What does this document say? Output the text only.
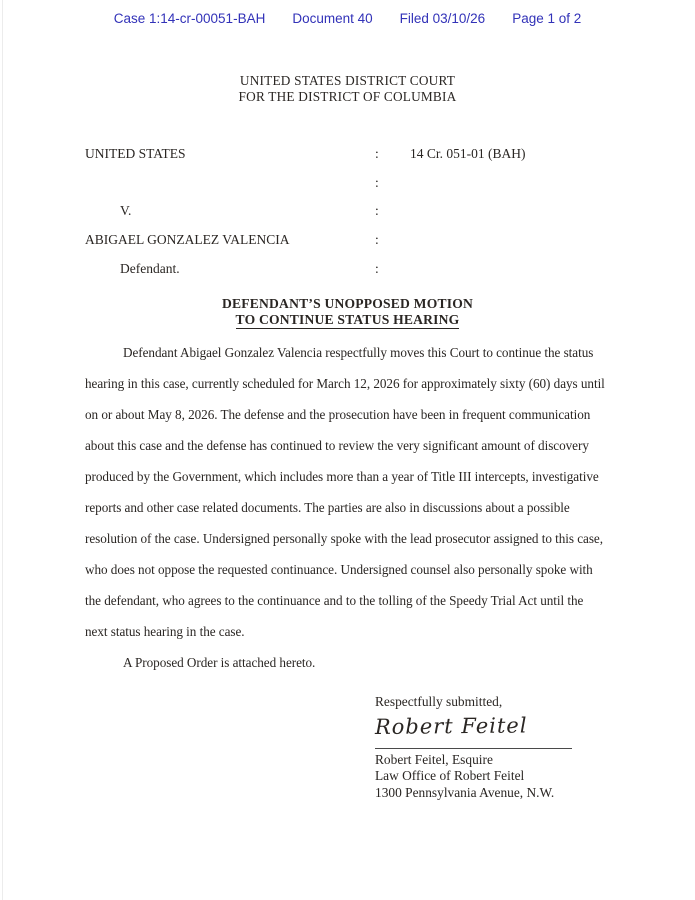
Case 1:14-cr-00051-BAH Document 40 Filed 03/10/26 Page 1 of 2
UNITED STATES DISTRICT COURT
FOR THE DISTRICT OF COLUMBIA
UNITED STATES	:	14 Cr. 051-01 (BAH)
:
V.	:
ABIGAEL GONZALEZ VALENCIA	:
Defendant.	:
DEFENDANT’S UNOPPOSED MOTION
TO CONTINUE STATUS HEARING
Defendant Abigael Gonzalez Valencia respectfully moves this Court to continue the status
hearing in this case, currently scheduled for March 12, 2026 for approximately sixty (60) days until
on or about May 8, 2026. The defense and the prosecution have been in frequent communication
about this case and the defense has continued to review the very significant amount of discovery
produced by the Government, which includes more than a year of Title III intercepts, investigative
reports and other case related documents. The parties are also in discussions about a possible
resolution of the case. Undersigned personally spoke with the lead prosecutor assigned to this case,
who does not oppose the requested continuance. Undersigned counsel also personally spoke with
the defendant, who agrees to the continuance and to the tolling of the Speedy Trial Act until the
next status hearing in the case.
A Proposed Order is attached hereto.
Respectfully submitted,
Robert Feitel
Robert Feitel, Esquire
Law Office of Robert Feitel
1300 Pennsylvania Avenue, N.W.
